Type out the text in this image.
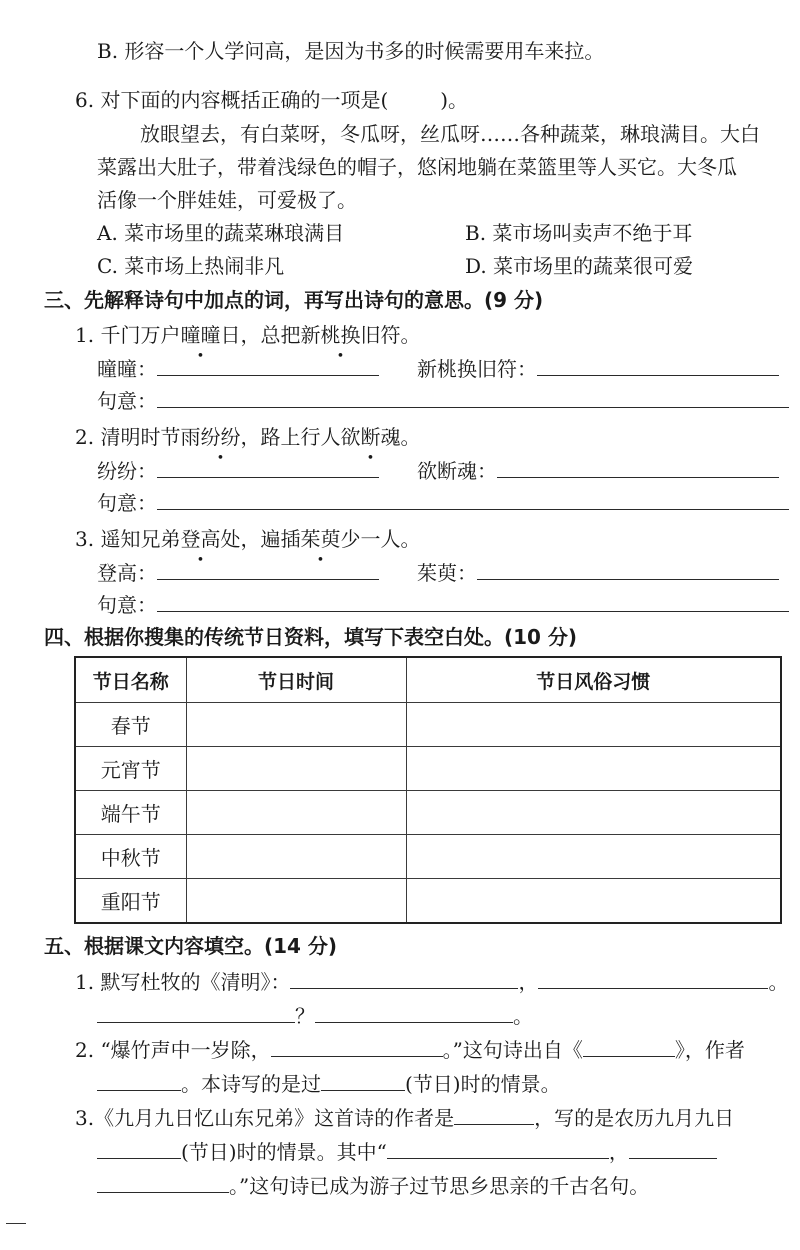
B. 形容一个人学问高，是因为书多的时候需要用车来拉。
6. 对下面的内容概括正确的一项是(	)。
放眼望去，有白菜呀，冬瓜呀，丝瓜呀……各种蔬菜，琳琅满目。大白
菜露出大肚子，带着浅绿色的帽子，悠闲地躺在菜篮里等人买它。大冬瓜
活像一个胖娃娃，可爱极了。
A. 菜市场里的蔬菜琳琅满目	B. 菜市场叫卖声不绝于耳
C. 菜市场上热闹非凡	D. 菜市场里的蔬菜很可爱
三、先解释诗句中加点的词，再写出诗句的意思。(9 分)
1. 千门万户曈曈日，总把新桃换旧符。
曈曈：	新桃换旧符：
句意：
2. 清明时节雨纷纷，路上行人欲断魂。
纷纷：	欲断魂：
句意：
3. 遥知兄弟登高处，遍插茱萸少一人。
登高：	茱萸：
句意：
四、根据你搜集的传统节日资料，填写下表空白处。(10 分)
节日名称	节日时间	节日风俗习惯
春节		
元宵节		
端午节		
中秋节		
重阳节		
五、根据课文内容填空。(14 分)
1. 默写杜牧的《清明》：	，	。
？	。
2. “爆竹声中一岁除，	。”这句诗出自《	》，作者
。本诗写的是过	(节日)时的情景。
3.《九月九日忆山东兄弟》这首诗的作者是	，写的是农历九月九日
(节日)时的情景。其中“	，
。”这句诗已成为游子过节思乡思亲的千古名句。
